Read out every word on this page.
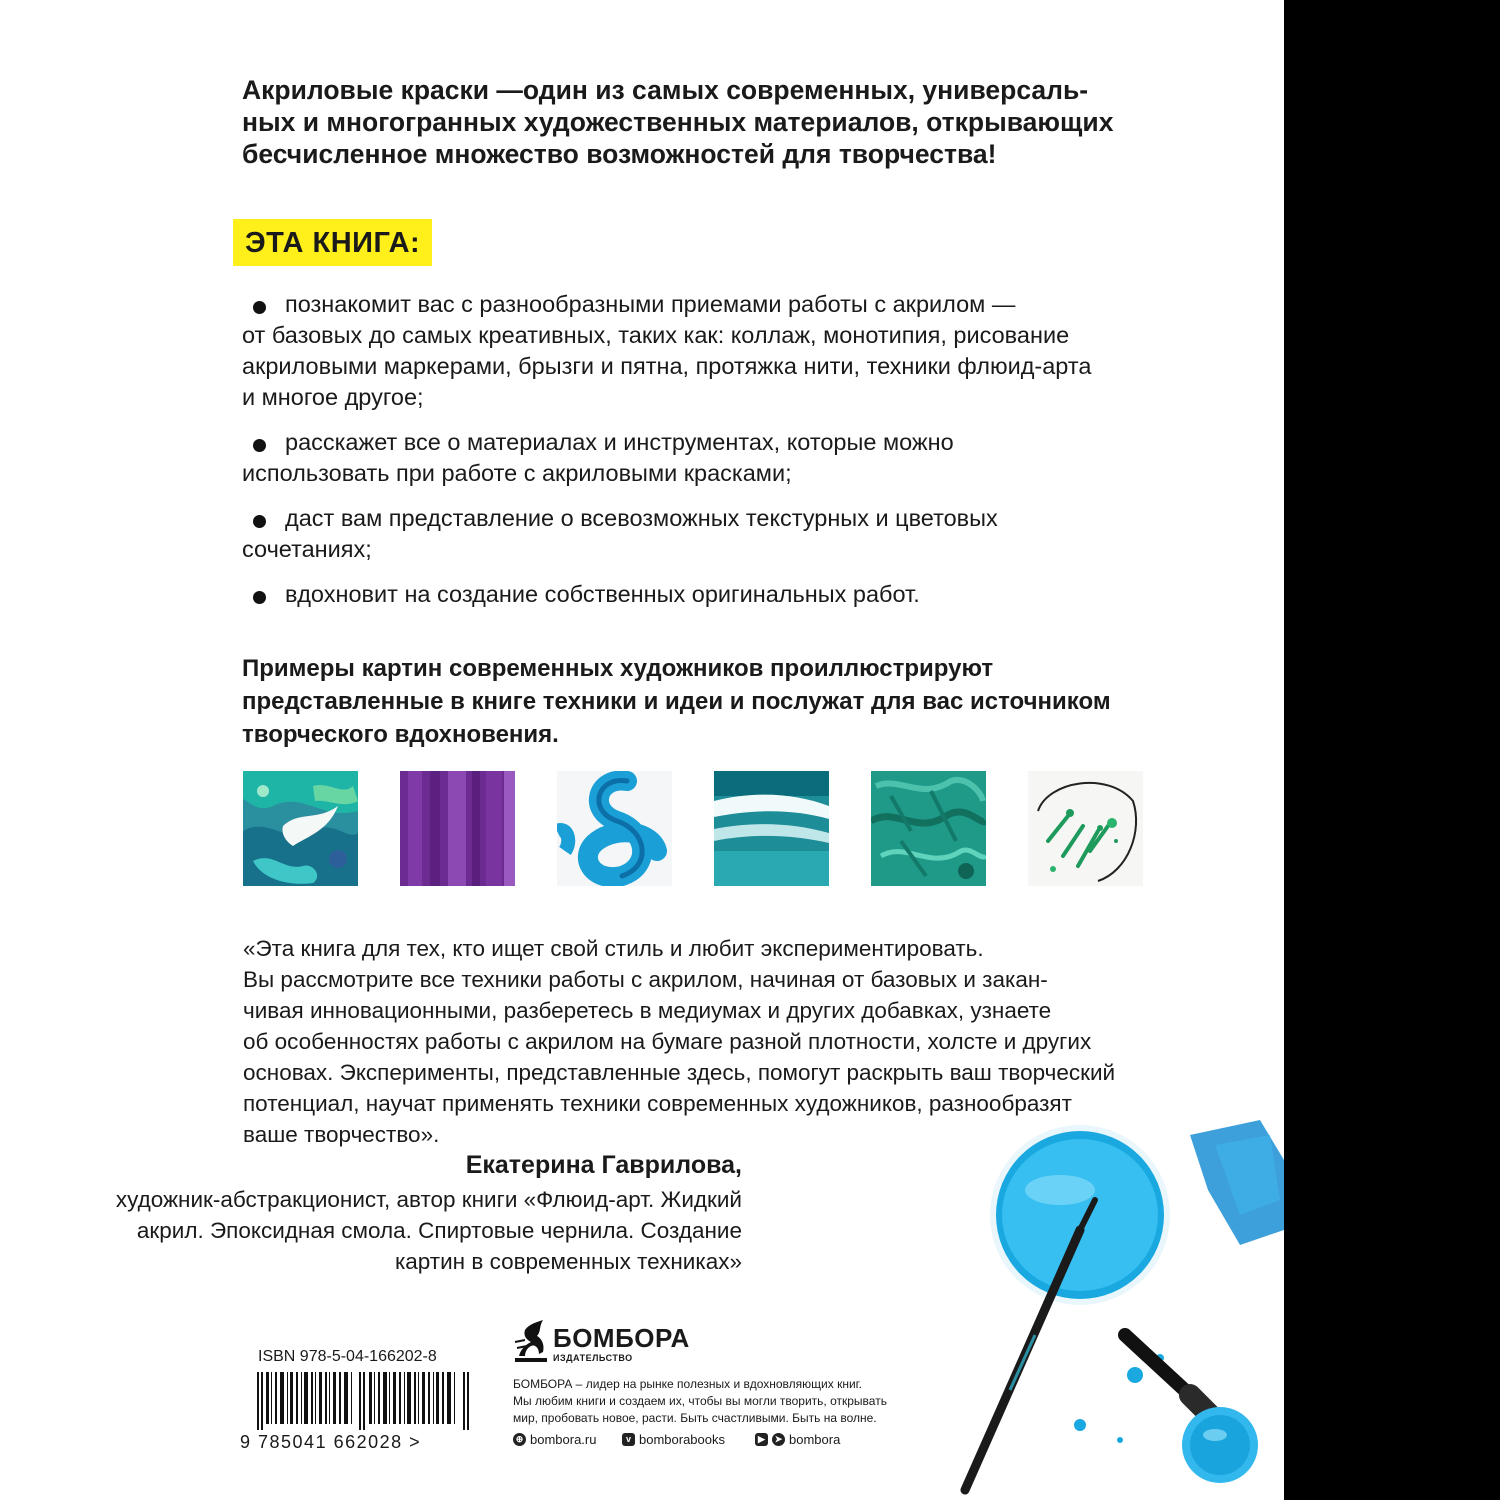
Акриловые краски —один из самых современных, универсаль-
ных и многогранных художественных материалов, открывающих
бесчисленное множество возможностей для творчества!
ЭТА КНИГА:
познакомит вас с разнообразными приемами работы с акрилом —
от базовых до самых креативных, таких как: коллаж, монотипия, рисование
акриловыми маркерами, брызги и пятна, протяжка нити, техники флюид-арта
и многое другое;
расскажет все о материалах и инструментах, которые можно
использовать при работе с акриловыми красками;
даст вам представление о всевозможных текстурных и цветовых
сочетаниях;
вдохновит на создание собственных оригинальных работ.
Примеры картин современных художников проиллюстрируют
представленные в книге техники и идеи и послужат для вас источником
творческого вдохновения.
«Эта книга для тех, кто ищет свой стиль и любит экспериментировать.
Вы рассмотрите все техники работы с акрилом, начиная от базовых и закан-
чивая инновационными, разберетесь в медиумах и других добавках, узнаете
об особенностях работы с акрилом на бумаге разной плотности, холсте и других
основах. Эксперименты, представленные здесь, помогут раскрыть ваш творческий
потенциал, научат применять техники современных художников, разнообразят
ваше творчество».
Екатерина Гаврилова,
художник-абстракционист, автор книги «Флюид-арт. Жидкий
акрил. Эпоксидная смола. Спиртовые чернила. Создание
картин в современных техниках»
ISBN 978-5-04-166202-8
9 785041 662028 >
БОМБОРА
ИЗДАТЕЛЬСТВО
БОМБОРА – лидер на рынке полезных и вдохновляющих книг.
Мы любим книги и создаем их, чтобы вы могли творить, открывать
мир, пробовать новое, расти. Быть счастливыми. Быть на волне.
⊕ bombora.ru	v bomborabooks	▶	➤ bombora
